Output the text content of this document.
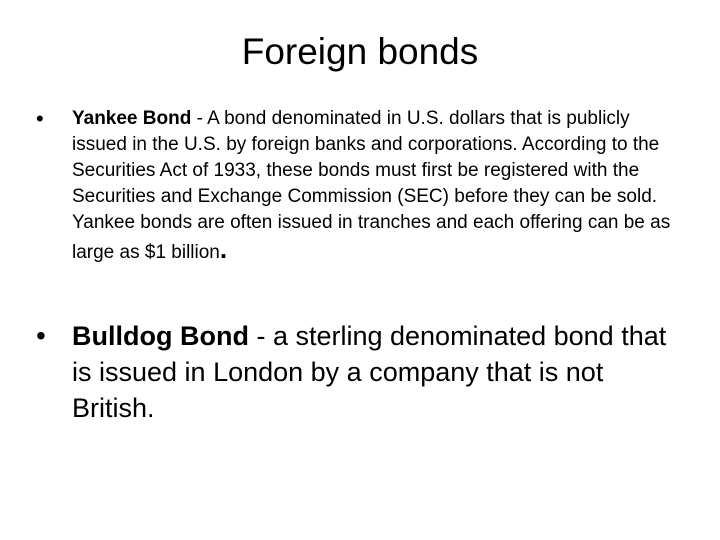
Foreign bonds
• Yankee Bond - A bond denominated in U.S. dollars that is publicly issued in the U.S. by foreign banks and corporations. According to the Securities Act of 1933, these bonds must first be registered with the Securities and Exchange Commission (SEC) before they can be sold. Yankee bonds are often issued in tranches and each offering can be as large as $1 billion.
• Bulldog Bond - a sterling denominated bond that is issued in London by a company that is not British.
